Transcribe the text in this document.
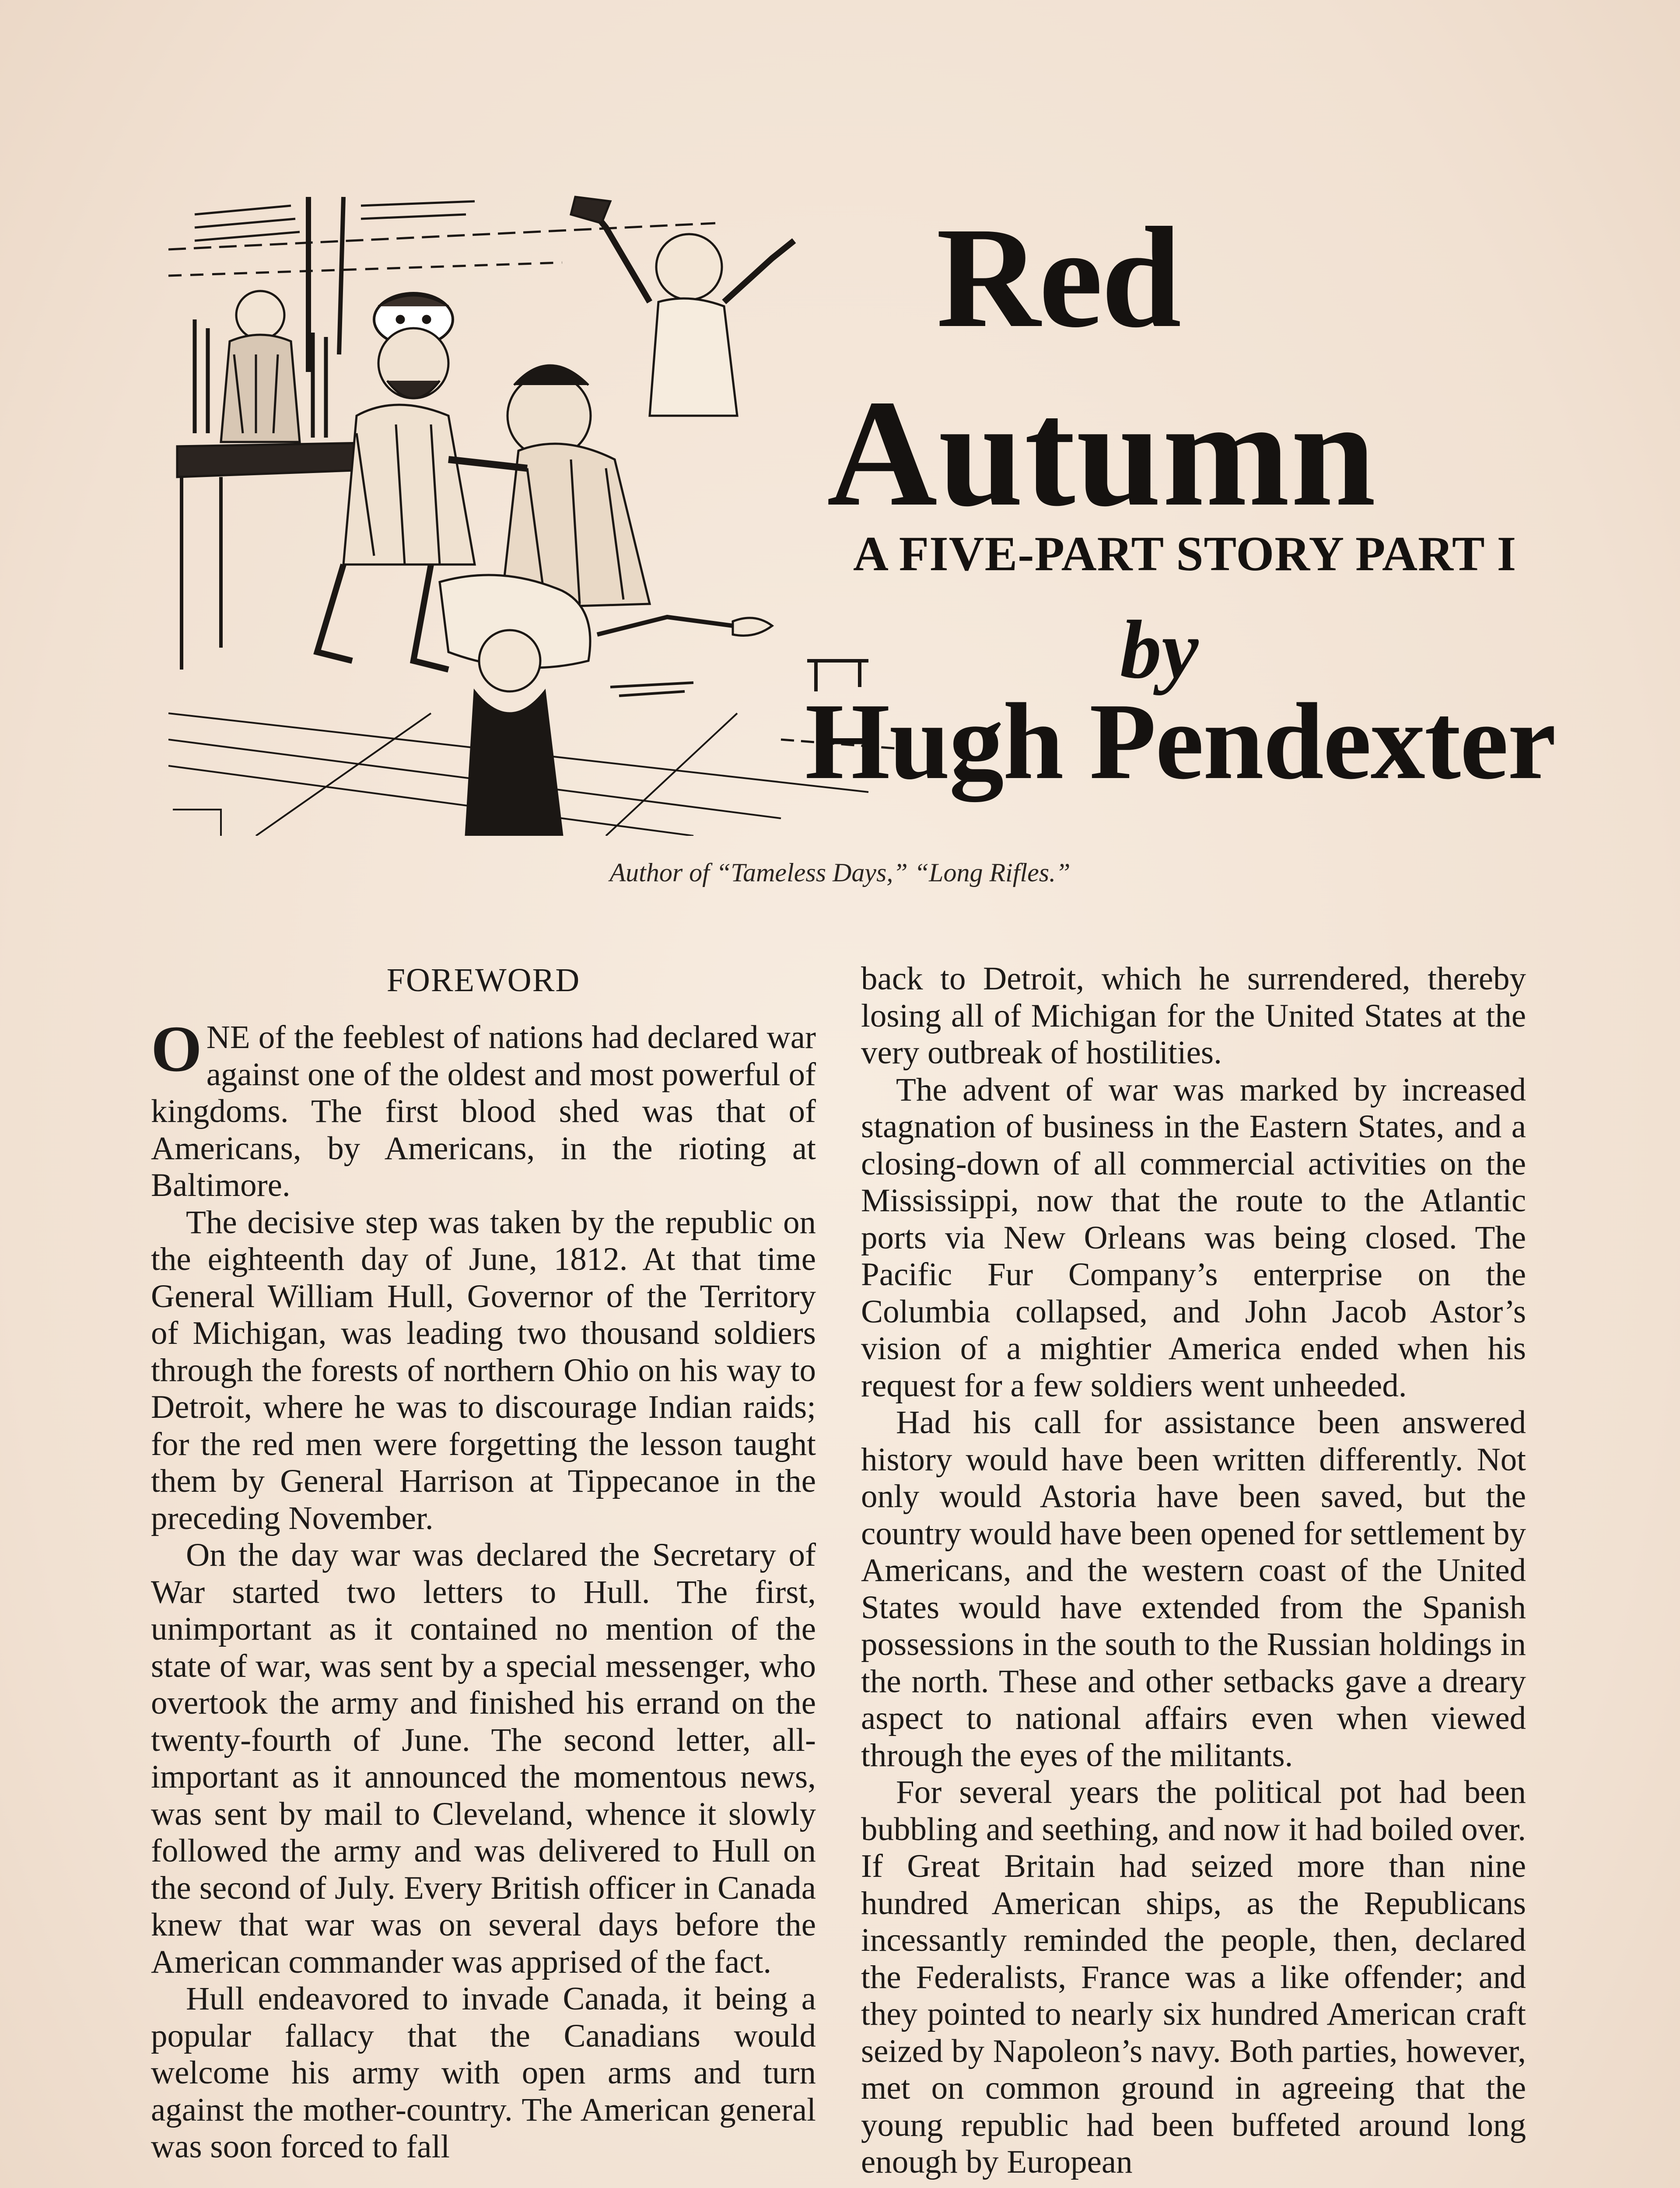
Red
Autumn
A FIVE-PART STORY PART I
by
Hugh Pendexter
Author of “Tameless Days,” “Long Rifles.”
FOREWORD

ONE of the feeblest of nations had declared war against one of the oldest and most powerful of kingdoms. The first blood shed was that of Americans, by Americans, in the rioting at Baltimore.

The decisive step was taken by the republic on the eighteenth day of June, 1812. At that time General William Hull, Governor of the Territory of Michigan, was leading two thousand soldiers through the forests of northern Ohio on his way to Detroit, where he was to discourage Indian raids; for the red men were forgetting the lesson taught them by General Harrison at Tippecanoe in the preceding November.

On the day war was declared the Secretary of War started two letters to Hull. The first, unimportant as it contained no mention of the state of war, was sent by a special messenger, who overtook the army and finished his errand on the twenty-fourth of June. The second letter, all-important as it announced the momentous news, was sent by mail to Cleveland, whence it slowly followed the army and was delivered to Hull on the second of July. Every British officer in Canada knew that war was on several days before the American commander was apprised of the fact.

Hull endeavored to invade Canada, it being a popular fallacy that the Canadians would welcome his army with open arms and turn against the mother-country. The American general was soon forced to fall

back to Detroit, which he surrendered, thereby losing all of Michigan for the United States at the very outbreak of hostilities.

The advent of war was marked by increased stagnation of business in the Eastern States, and a closing-down of all commercial activities on the Mississippi, now that the route to the Atlantic ports via New Orleans was being closed. The Pacific Fur Company’s enterprise on the Columbia collapsed, and John Jacob Astor’s vision of a mightier America ended when his request for a few soldiers went unheeded.

Had his call for assistance been answered history would have been written differently. Not only would Astoria have been saved, but the country would have been opened for settlement by Americans, and the western coast of the United States would have extended from the Spanish possessions in the south to the Russian holdings in the north. These and other setbacks gave a dreary aspect to national affairs even when viewed through the eyes of the militants.

For several years the political pot had been bubbling and seething, and now it had boiled over. If Great Britain had seized more than nine hundred American ships, as the Republicans incessantly reminded the people, then, declared the Federalists, France was a like offender; and they pointed to nearly six hundred American craft seized by Napoleon’s navy. Both parties, however, met on common ground in agreeing that the young republic had been buffeted around long enough by European
